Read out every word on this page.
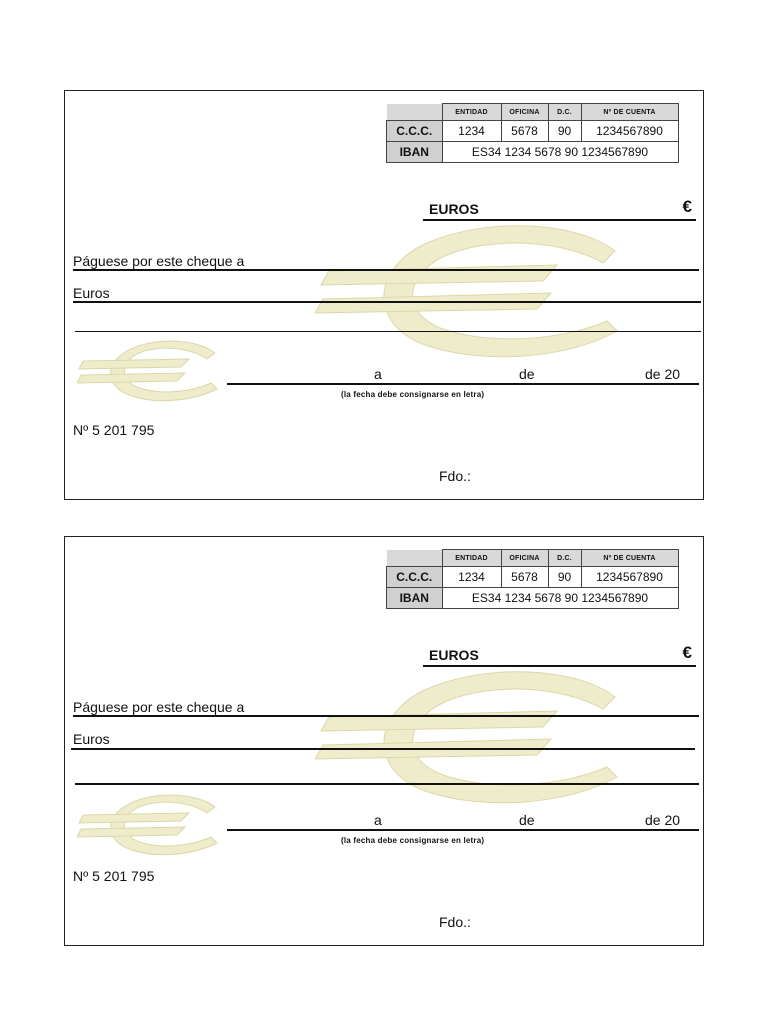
	ENTIDAD	OFICINA	D.C.	Nº DE CUENTA
C.C.C.	1234	5678	90	1234567890
IBAN	ES34 1234 5678 90 1234567890			
EUROS	€
Páguese por este cheque a
Euros
a	de	de 20
(la fecha debe consignarse en letra)
Nº 5 201 795
Fdo.:
	ENTIDAD	OFICINA	D.C.	Nº DE CUENTA
C.C.C.	1234	5678	90	1234567890
IBAN	ES34 1234 5678 90 1234567890			
EUROS	€
Páguese por este cheque a
Euros
a	de	de 20
(la fecha debe consignarse en letra)
Nº 5 201 795
Fdo.:
